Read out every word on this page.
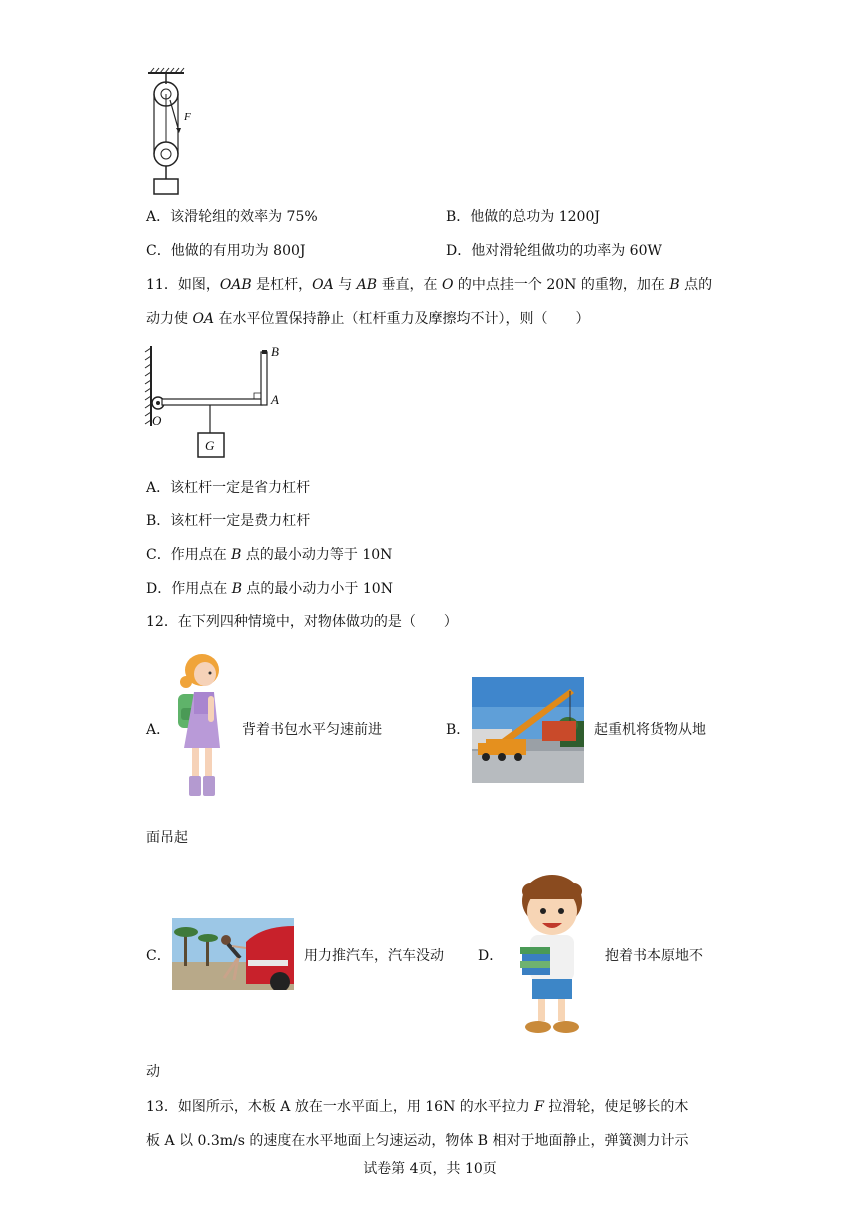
F
A．该滑轮组的效率为 75%	B．他做的总功为 1200J
C．他做的有用功为 800J	D．他对滑轮组做功的功率为 60W
11．如图，OAB 是杠杆，OA 与 AB 垂直，在 O 的中点挂一个 20N 的重物，加在 B 点的
动力使 OA 在水平位置保持静止（杠杆重力及摩擦均不计），则（　　）
G
B
A
O
A．该杠杆一定是省力杠杆
B．该杠杆一定是费力杠杆
C．作用点在 B 点的最小动力等于 10N
D．作用点在 B 点的最小动力小于 10N
12．在下列四种情境中，对物体做功的是（　　）
A．	背着书包水平匀速前进	B．	起重机将货物从地
面吊起
C．	用力推汽车，汽车没动 D．	抱着书本原地不
动
13．如图所示，木板 A 放在一水平面上，用 16N 的水平拉力 F 拉滑轮，使足够长的木
板 A 以 0.3m/s 的速度在水平地面上匀速运动，物体 B 相对于地面静止，弹簧测力计示
试卷第 4页，共 10页
